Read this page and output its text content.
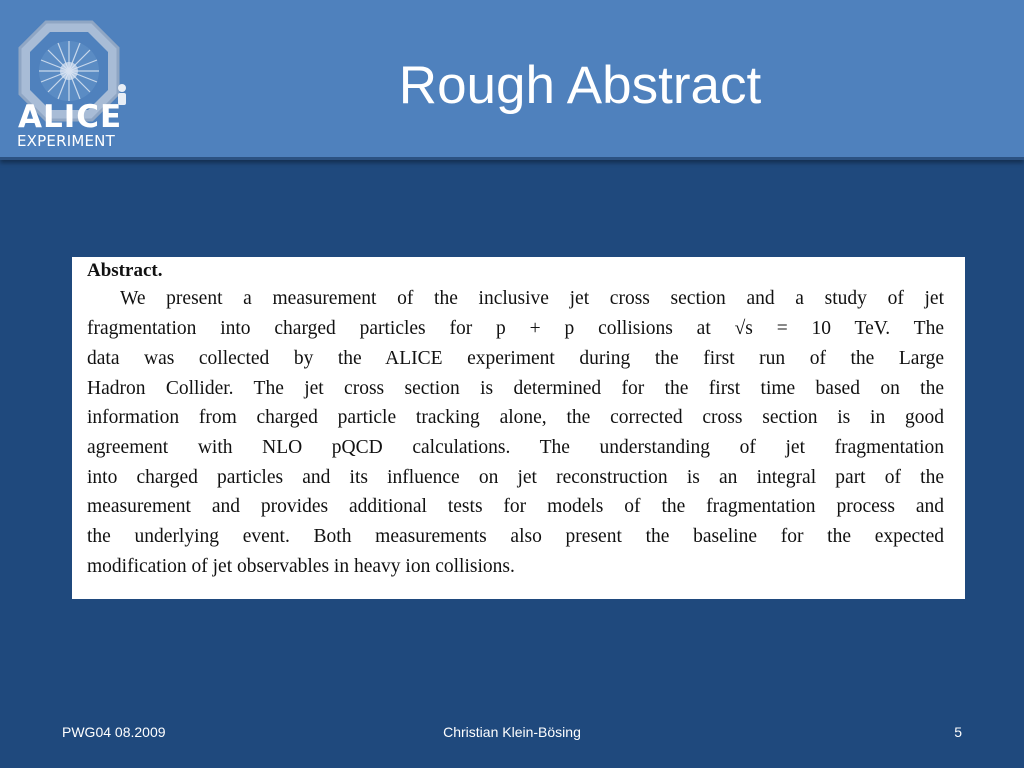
ALICE
EXPERIMENT
Rough Abstract
Abstract.
We present a measurement of the inclusive jet cross section and a study of jet
fragmentation into charged particles for p + p collisions at √s = 10 TeV. The
data was collected by the ALICE experiment during the first run of the Large
Hadron Collider. The jet cross section is determined for the first time based on the
information from charged particle tracking alone, the corrected cross section is in good
agreement with NLO pQCD calculations. The understanding of jet fragmentation
into charged particles and its influence on jet reconstruction is an integral part of the
measurement and provides additional tests for models of the fragmentation process and
the underlying event. Both measurements also present the baseline for the expected
modification of jet observables in heavy ion collisions.
PWG04 08.2009	Christian Klein-Bösing	5
